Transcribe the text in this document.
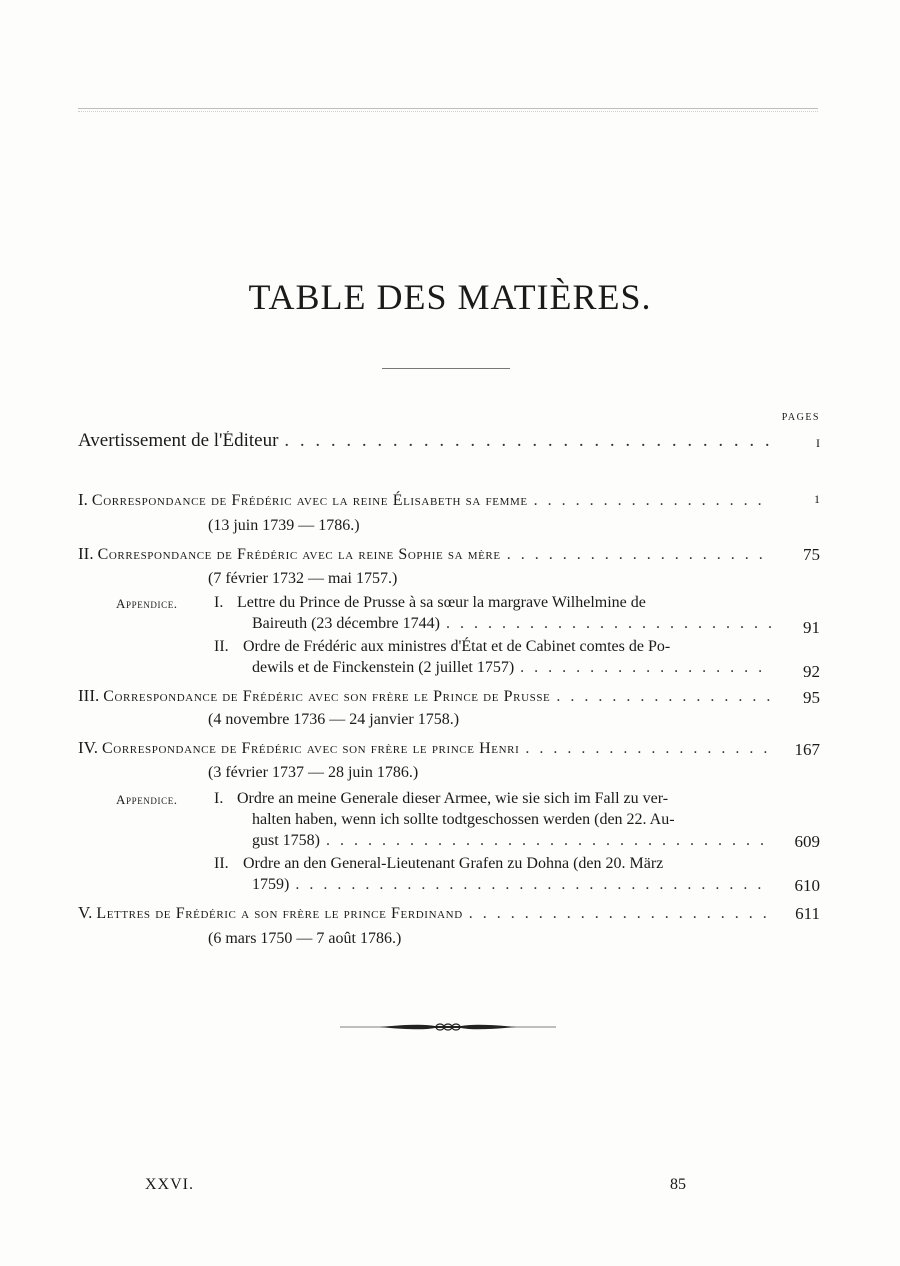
TABLE DES MATIÈRES.
PAGES
Avertissement de l'Éditeur . . .	I
I. Correspondance de Frédéric avec la reine Élisabeth sa femme . . .	1
(13 juin 1739 — 1786.)
II. Correspondance de Frédéric avec la reine Sophie sa mère . . .	75
(7 février 1732 — mai 1757.)
Appendice. I. Lettre du Prince de Prusse à sa sœur la margrave Wilhelmine de
Baireuth (23 décembre 1744) . . .	91
II. Ordre de Frédéric aux ministres d'État et de Cabinet comtes de Po-
dewils et de Finckenstein (2 juillet 1757) . . .	92
III. Correspondance de Frédéric avec son frère le Prince de Prusse . . .	95
(4 novembre 1736 — 24 janvier 1758.)
IV. Correspondance de Frédéric avec son frère le prince Henri . . .	167
(3 février 1737 — 28 juin 1786.)
Appendice. I. Ordre an meine Generale dieser Armee, wie sie sich im Fall zu ver-
halten haben, wenn ich sollte todtgeschossen werden (den 22. Au-
gust 1758) . . .	609
II. Ordre an den General-Lieutenant Grafen zu Dohna (den 20. März
1759) . . .	610
V. Lettres de Frédéric a son frère le prince Ferdinand . . .	611
(6 mars 1750 — 7 août 1786.)
XXVI.	85
